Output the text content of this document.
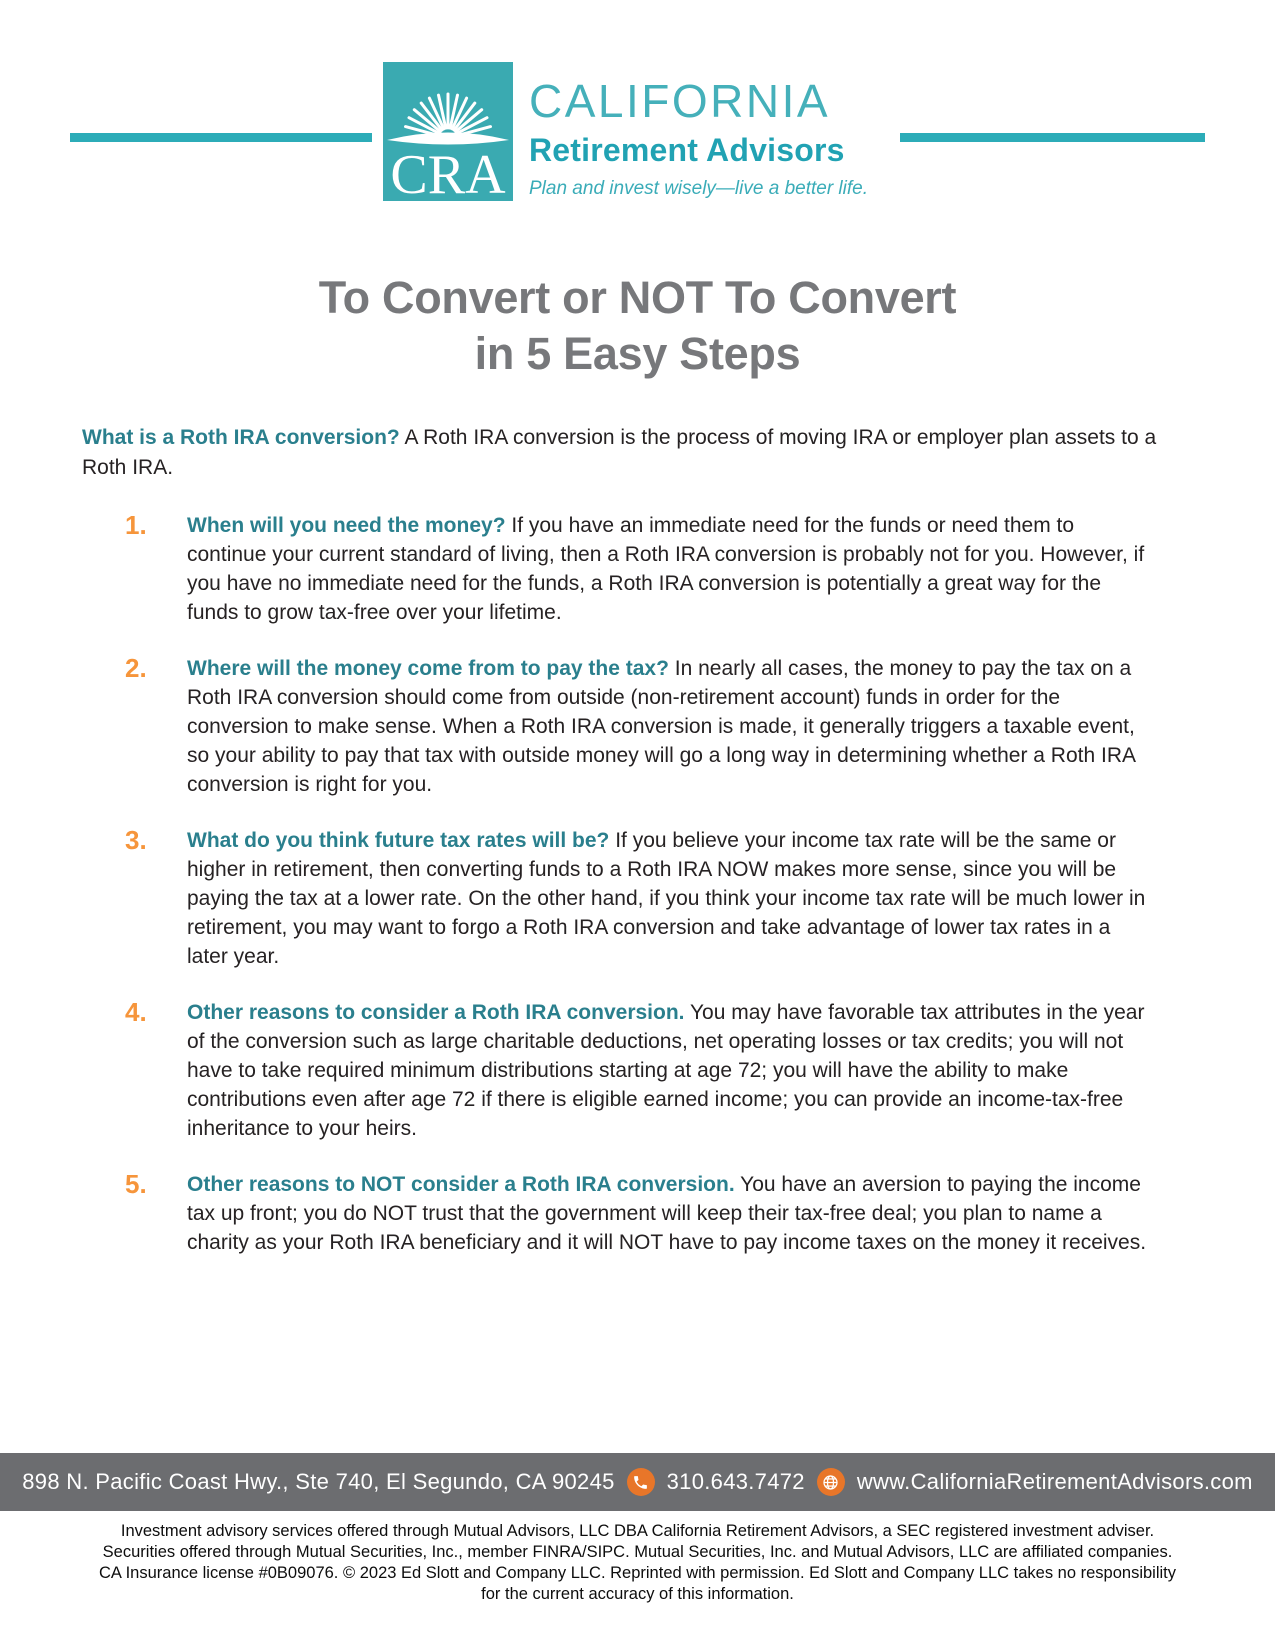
CRA
CALIFORNIA
Retirement Advisors
Plan and invest wisely—live a better life.
To Convert or NOT To Convert
in 5 Easy Steps

What is a Roth IRA conversion? A Roth IRA conversion is the process of moving IRA or employer plan assets to a Roth IRA.

1.	When will you need the money? If you have an immediate need for the funds or need them to continue your current standard of living, then a Roth IRA conversion is probably not for you. However, if you have no immediate need for the funds, a Roth IRA conversion is potentially a great way for the funds to grow tax-free over your lifetime.
2.	Where will the money come from to pay the tax? In nearly all cases, the money to pay the tax on a Roth IRA conversion should come from outside (non-retirement account) funds in order for the conversion to make sense. When a Roth IRA conversion is made, it generally triggers a taxable event, so your ability to pay that tax with outside money will go a long way in determining whether a Roth IRA conversion is right for you.
3.	What do you think future tax rates will be? If you believe your income tax rate will be the same or higher in retirement, then converting funds to a Roth IRA NOW makes more sense, since you will be paying the tax at a lower rate. On the other hand, if you think your income tax rate will be much lower in retirement, you may want to forgo a Roth IRA conversion and take advantage of lower tax rates in a later year.
4.	Other reasons to consider a Roth IRA conversion. You may have favorable tax attributes in the year of the conversion such as large charitable deductions, net operating losses or tax credits; you will not have to take required minimum distributions starting at age 72; you will have the ability to make contributions even after age 72 if there is eligible earned income; you can provide an income-tax-free inheritance to your heirs.
5.	Other reasons to NOT consider a Roth IRA conversion. You have an aversion to paying the income tax up front; you do NOT trust that the government will keep their tax-free deal; you plan to name a charity as your Roth IRA beneficiary and it will NOT have to pay income taxes on the money it receives.
898 N. Pacific Coast Hwy., Ste 740, El Segundo, CA 90245 310.643.7472 www.CaliforniaRetirementAdvisors.com

Investment advisory services offered through Mutual Advisors, LLC DBA California Retirement Advisors, a SEC registered investment adviser. Securities offered through Mutual Securities, Inc., member FINRA/SIPC. Mutual Securities, Inc. and Mutual Advisors, LLC are affiliated companies. CA Insurance license #0B09076. © 2023 Ed Slott and Company LLC. Reprinted with permission. Ed Slott and Company LLC takes no responsibility for the current accuracy of this information.
